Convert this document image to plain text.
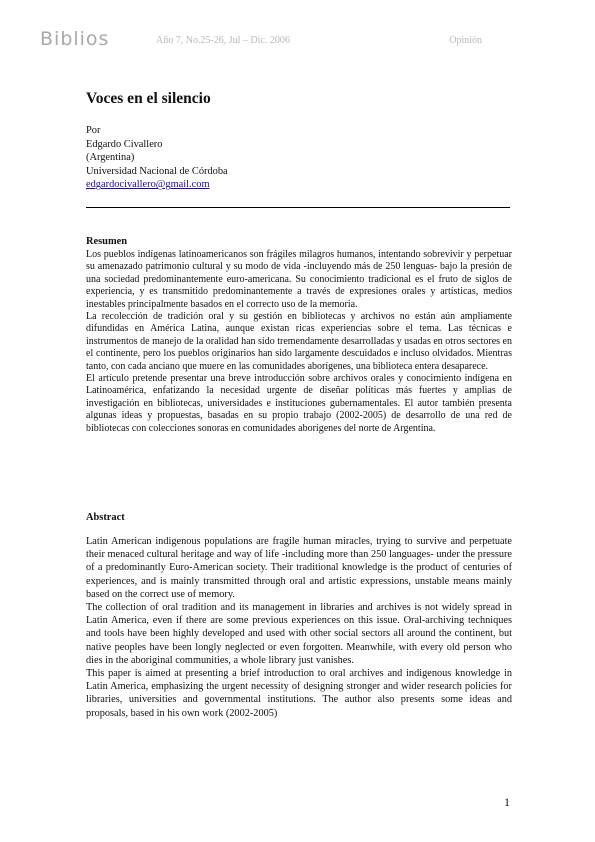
Biblios	Año 7, No.25-26, Jul – Dic. 2006	Opinión
Voces en el silencio
Por
Edgardo Civallero
(Argentina)
Universidad Nacional de Córdoba
edgardocivallero@gmail.com
Resumen

Los pueblos indígenas latinoamericanos son frágiles milagros humanos, intentando sobrevivir y perpetuar su amenazado patrimonio cultural y su modo de vida -incluyendo más de 250 lenguas- bajo la presión de una sociedad predominantemente euro-americana. Su conocimiento tradicional es el fruto de siglos de experiencia, y es transmitido predominantemente a través de expresiones orales y artísticas, medios inestables principalmente basados en el correcto uso de la memoria.

La recolección de tradición oral y su gestión en bibliotecas y archivos no están aún ampliamente difundidas en América Latina, aunque existan ricas experiencias sobre el tema. Las técnicas e instrumentos de manejo de la oralidad han sido tremendamente desarrolladas y usadas en otros sectores en el continente, pero los pueblos originarios han sido largamente descuidados e incluso olvidados. Mientras tanto, con cada anciano que muere en las comunidades aborígenes, una biblioteca entera desaparece.

El artículo pretende presentar una breve introducción sobre archivos orales y conocimiento indígena en Latinoamérica, enfatizando la necesidad urgente de diseñar políticas más fuertes y amplias de investigación en bibliotecas, universidades e instituciones gubernamentales. El autor también presenta algunas ideas y propuestas, basadas en su propio trabajo (2002-2005) de desarrollo de una red de bibliotecas con colecciones sonoras en comunidades aborígenes del norte de Argentina.

Abstract

Latin American indigenous populations are fragile human miracles, trying to survive and perpetuate their menaced cultural heritage and way of life -including more than 250 languages- under the pressure of a predominantly Euro-American society. Their traditional knowledge is the product of centuries of experiences, and is mainly transmitted through oral and artistic expressions, unstable means mainly based on the correct use of memory.

The collection of oral tradition and its management in libraries and archives is not widely spread in Latin America, even if there are some previous experiences on this issue. Oral-archiving techniques and tools have been highly developed and used with other social sectors all around the continent, but native peoples have been longly neglected or even forgotten. Meanwhile, with every old person who dies in the aboriginal communities, a whole library just vanishes.

This paper is aimed at presenting a brief introduction to oral archives and indigenous knowledge in Latin America, emphasizing the urgent necessity of designing stronger and wider research policies for libraries, universities and governmental institutions. The author also presents some ideas and proposals, based in his own work (2002-2005)

1
